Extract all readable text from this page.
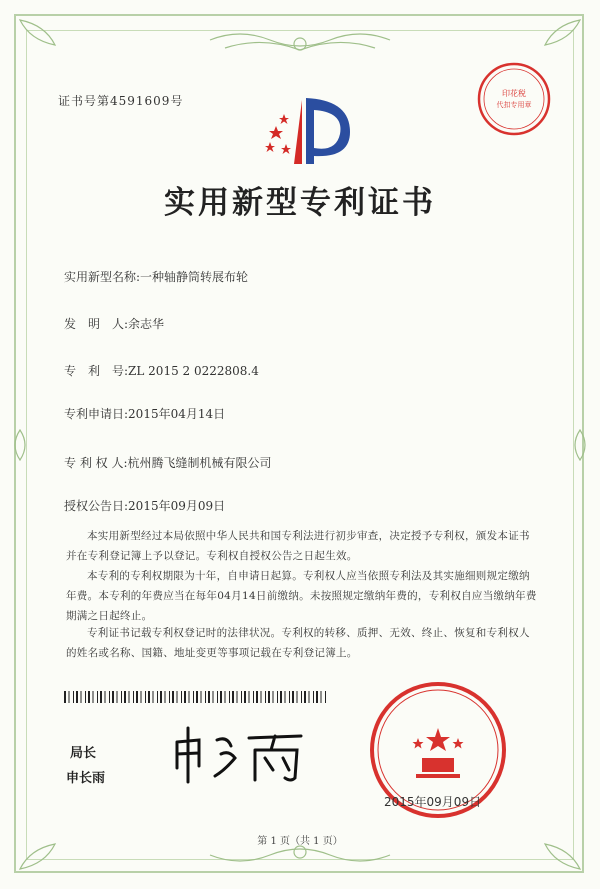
证书号第4591609号
印花税
代扣专用章
实用新型专利证书
实用新型名称:一种轴静筒转展布轮
发　明　人:余志华
专　利　号:ZL 2015 2 0222808.4
专利申请日:2015年04月14日
专 利 权 人:杭州腾飞缝制机械有限公司
授权公告日:2015年09月09日
本实用新型经过本局依照中华人民共和国专利法进行初步审查，决定授予专利权，颁发本证书并在专利登记簿上予以登记。专利权自授权公告之日起生效。
本专利的专利权期限为十年，自申请日起算。专利权人应当依照专利法及其实施细则规定缴纳年费。本专利的年费应当在每年04月14日前缴纳。未按照规定缴纳年费的，专利权自应当缴纳年费期满之日起终止。
专利证书记载专利权登记时的法律状况。专利权的转移、质押、无效、终止、恢复和专利权人的姓名或名称、国籍、地址变更等事项记载在专利登记簿上。
局长
申长雨
2015年09月09日
第 1 页（共 1 页）
